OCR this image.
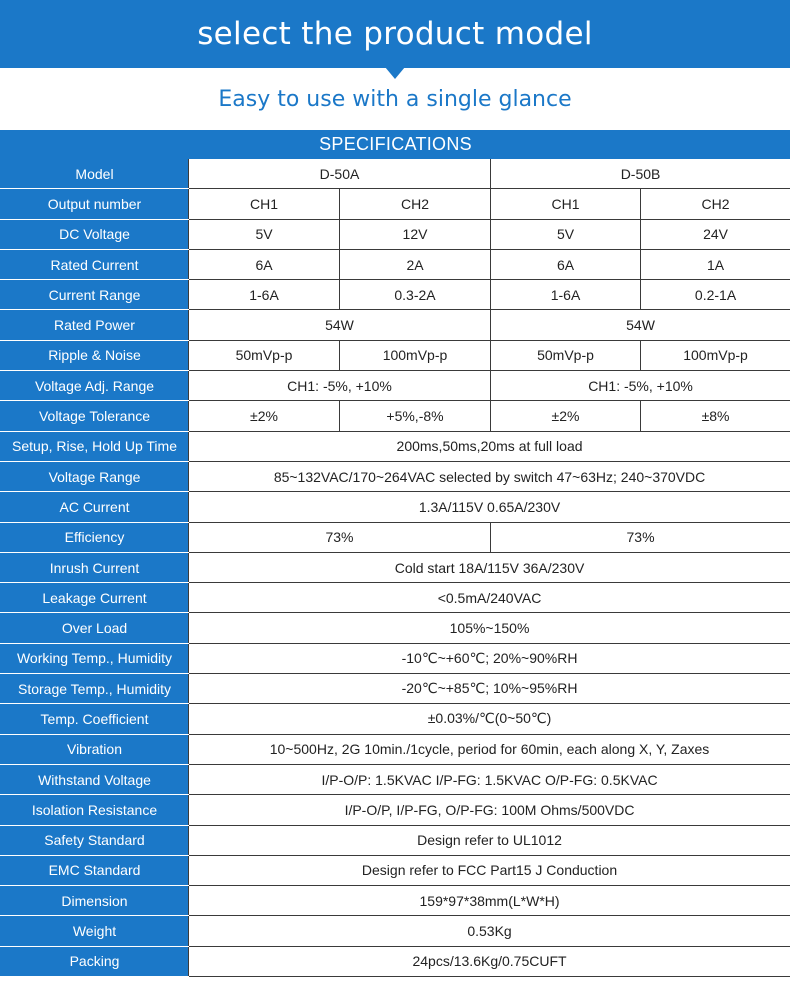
select the product model
Easy to use with a single glance
SPECIFICATIONS				
Model	D-50A		D-50B	
Output number	CH1	CH2	CH1	CH2
DC Voltage	5V	12V	5V	24V
Rated Current	6A	2A	6A	1A
Current Range	1-6A	0.3-2A	1-6A	0.2-1A
Rated Power	54W		54W	
Ripple & Noise	50mVp-p	100mVp-p	50mVp-p	100mVp-p
Voltage Adj. Range	CH1: -5%, +10%		CH1: -5%, +10%	
Voltage Tolerance	±2%	+5%,-8%	±2%	±8%
Setup, Rise, Hold Up Time	200ms,50ms,20ms at full load			
Voltage Range	85~132VAC/170~264VAC selected by switch 47~63Hz; 240~370VDC			
AC Current	1.3A/115V 0.65A/230V			
Efficiency	73%		73%	
Inrush Current	Cold start 18A/115V 36A/230V			
Leakage Current	<0.5mA/240VAC			
Over Load	105%~150%			
Working Temp., Humidity	-10℃~+60℃; 20%~90%RH			
Storage Temp., Humidity	-20℃~+85℃; 10%~95%RH			
Temp. Coefficient	±0.03%/℃(0~50℃)			
Vibration	10~500Hz, 2G 10min./1cycle, period for 60min, each along X, Y, Zaxes			
Withstand Voltage	I/P-O/P: 1.5KVAC I/P-FG: 1.5KVAC O/P-FG: 0.5KVAC			
Isolation Resistance	I/P-O/P, I/P-FG, O/P-FG: 100M Ohms/500VDC			
Safety Standard	Design refer to UL1012			
EMC Standard	Design refer to FCC Part15 J Conduction			
Dimension	159*97*38mm(L*W*H)			
Weight	0.53Kg			
Packing	24pcs/13.6Kg/0.75CUFT			
